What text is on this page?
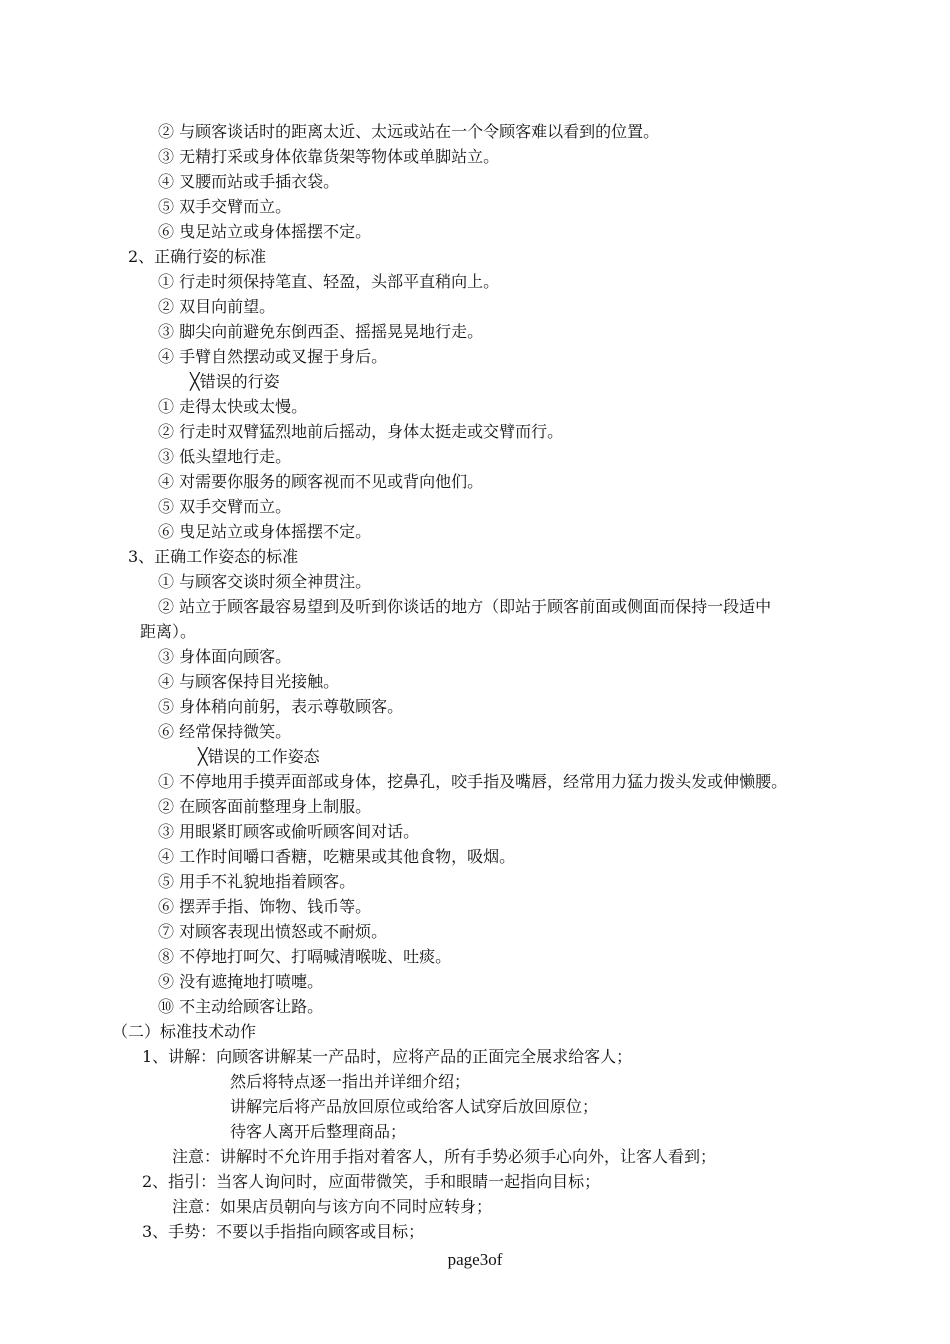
② 与顾客谈话时的距离太近、太远或站在一个令顾客难以看到的位置。
③ 无精打采或身体依靠货架等物体或单脚站立。
④ 叉腰而站或手插衣袋。
⑤ 双手交臂而立。
⑥ 曳足站立或身体摇摆不定。
2、正确行姿的标准
① 行走时须保持笔直、轻盈，头部平直稍向上。
② 双目向前望。
③ 脚尖向前避免东倒西歪、摇摇晃晃地行走。
④ 手臂自然摆动或叉握于身后。
╳错误的行姿
① 走得太快或太慢。
② 行走时双臂猛烈地前后摇动，身体太挺走或交臂而行。
③ 低头望地行走。
④ 对需要你服务的顾客视而不见或背向他们。
⑤ 双手交臂而立。
⑥ 曳足站立或身体摇摆不定。
3、正确工作姿态的标准
① 与顾客交谈时须全神贯注。
② 站立于顾客最容易望到及听到你谈话的地方（即站于顾客前面或侧面而保持一段适中
距离）。
③ 身体面向顾客。
④ 与顾客保持目光接触。
⑤ 身体稍向前躬，表示尊敬顾客。
⑥ 经常保持微笑。
╳错误的工作姿态
① 不停地用手摸弄面部或身体，挖鼻孔，咬手指及嘴唇，经常用力猛力拨头发或伸懒腰。
② 在顾客面前整理身上制服。
③ 用眼紧盯顾客或偷听顾客间对话。
④ 工作时间嚼口香糖，吃糖果或其他食物，吸烟。
⑤ 用手不礼貌地指着顾客。
⑥ 摆弄手指、饰物、钱币等。
⑦ 对顾客表现出愤怒或不耐烦。
⑧ 不停地打呵欠、打嗝喊清喉咙、吐痰。
⑨ 没有遮掩地打喷嚏。
⑩ 不主动给顾客让路。
（二）标准技术动作
1、讲解：向顾客讲解某一产品时，应将产品的正面完全展求给客人；
然后将特点逐一指出并详细介绍；
讲解完后将产品放回原位或给客人试穿后放回原位；
待客人离开后整理商品；
注意：讲解时不允许用手指对着客人，所有手势必须手心向外，让客人看到；
2、指引：当客人询问时，应面带微笑，手和眼睛一起指向目标；
注意：如果店员朝向与该方向不同时应转身；
3、手势：不要以手指指向顾客或目标；
page3of
